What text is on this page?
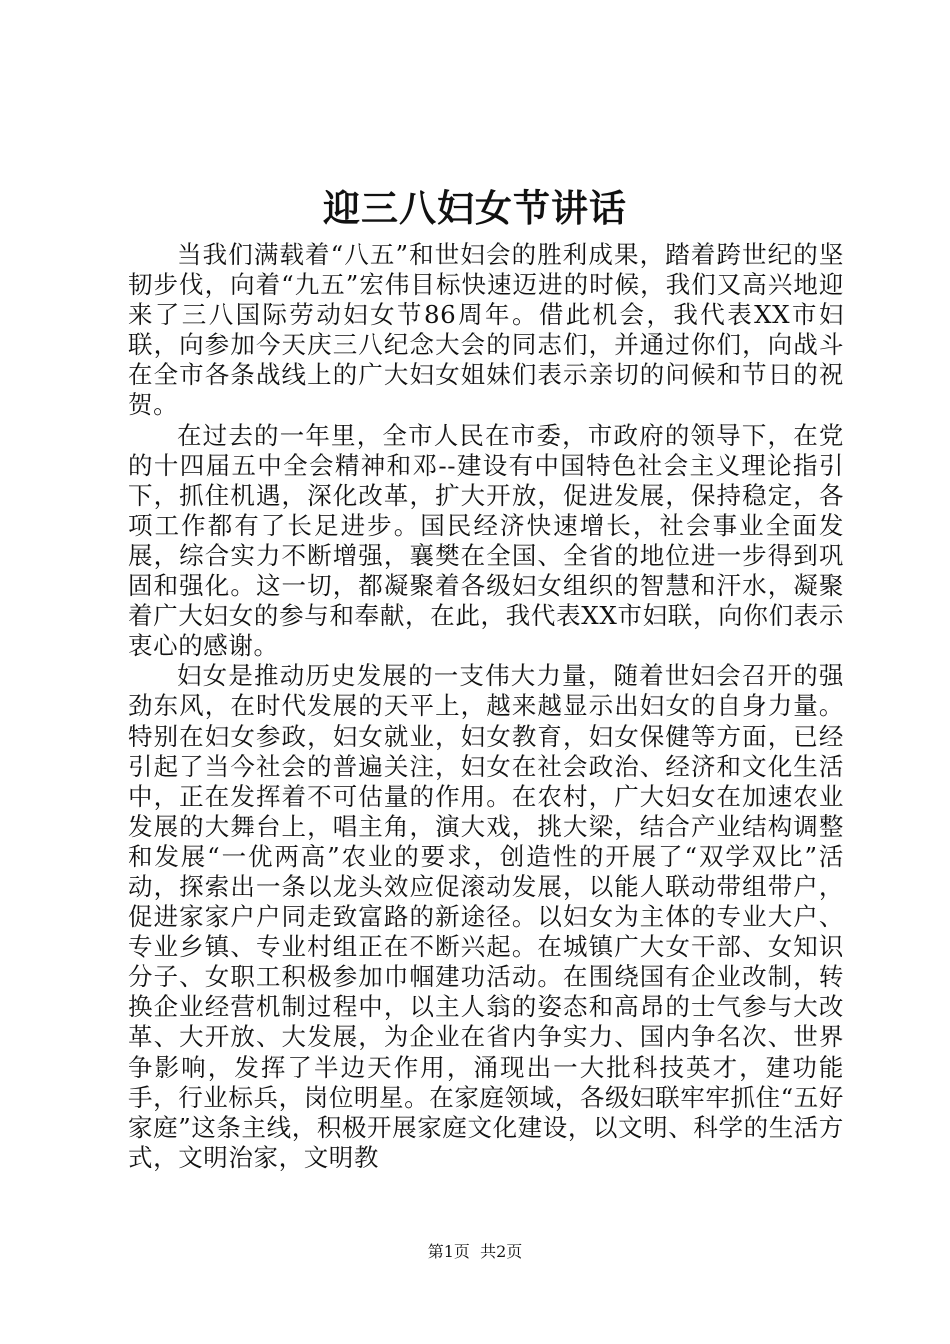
迎三八妇女节讲话

当我们满载着“八五”和世妇会的胜利成果，踏着跨世纪的坚韧步伐，向着“九五”宏伟目标快速迈进的时候，我们又高兴地迎来了三八国际劳动妇女节86周年。借此机会，我代表XX市妇联，向参加今天庆三八纪念大会的同志们，并通过你们，向战斗在全市各条战线上的广大妇女姐妹们表示亲切的问候和节日的祝贺。

在过去的一年里，全市人民在市委，市政府的领导下，在党的十四届五中全会精神和邓--建设有中国特色社会主义理论指引下，抓住机遇，深化改革，扩大开放，促进发展，保持稳定，各项工作都有了长足进步。国民经济快速增长，社会事业全面发展，综合实力不断增强，襄樊在全国、全省的地位进一步得到巩固和强化。这一切，都凝聚着各级妇女组织的智慧和汗水，凝聚着广大妇女的参与和奉献，在此，我代表XX市妇联，向你们表示衷心的感谢。

妇女是推动历史发展的一支伟大力量，随着世妇会召开的强劲东风，在时代发展的天平上，越来越显示出妇女的自身力量。特别在妇女参政，妇女就业，妇女教育，妇女保健等方面，已经引起了当今社会的普遍关注，妇女在社会政治、经济和文化生活中，正在发挥着不可估量的作用。在农村，广大妇女在加速农业发展的大舞台上，唱主角，演大戏，挑大梁，结合产业结构调整和发展“一优两高”农业的要求，创造性的开展了“双学双比”活动，探索出一条以龙头效应促滚动发展，以能人联动带组带户，促进家家户户同走致富路的新途径。以妇女为主体的专业大户、专业乡镇、专业村组正在不断兴起。在城镇广大女干部、女知识分子、女职工积极参加巾帼建功活动。在围绕国有企业改制，转换企业经营机制过程中，以主人翁的姿态和高昂的士气参与大改革、大开放、大发展，为企业在省内争实力、国内争名次、世界争影响，发挥了半边天作用，涌现出一大批科技英才，建功能手，行业标兵，岗位明星。在家庭领域，各级妇联牢牢抓住“五好家庭”这条主线，积极开展家庭文化建设，以文明、科学的生活方式，文明治家，文明教

第1页  共2页
